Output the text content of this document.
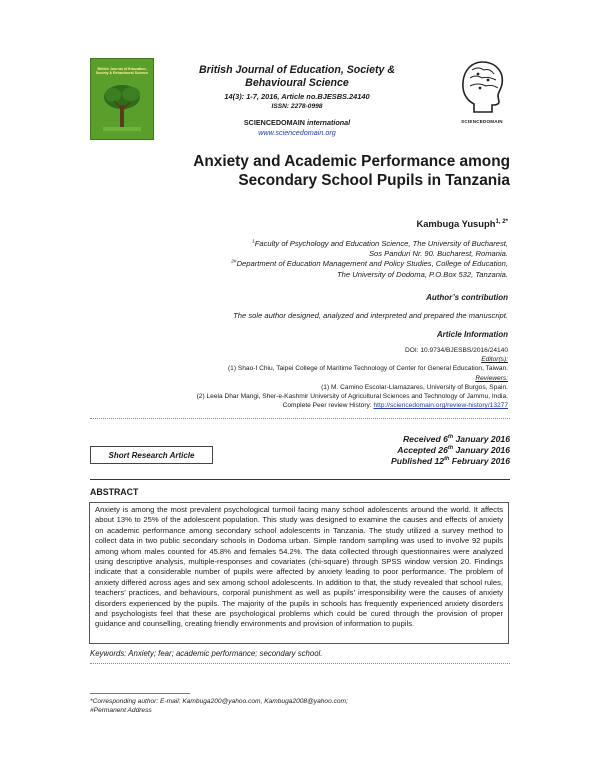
British Journal of Education, Society & Behavioural Science	British Journal of Education, Society &
Behavioural Science
14(3): 1-7, 2016, Article no.BJESBS.24140
ISSN: 2278-0998
SCIENCEDOMAIN international
www.sciencedomain.org
SCIENCEDOMAIN
Anxiety and Academic Performance among
Secondary School Pupils in Tanzania
Kambuga Yusuph$^{1, 2*}$
$^1$Faculty of Psychology and Education Science, The University of Bucharest,
Sos Panduri Nr. 90. Bucharest, Romania.
$^{2\#}$Department of Education Management and Policy Studies, College of Education,
The University of Dodoma, P.O.Box 532, Tanzania.
Author’s contribution
The sole author designed, analyzed and interpreted and prepared the manuscript.
Article Information
DOI: 10.9734/BJESBS/2016/24140
Editor(s):
(1) Shao-I Chiu, Taipei College of Maritime Technology of Center for General Education, Taiwan.
Reviewers:
(1) M. Camino Escolar-Llamazares, University of Burgos, Spain.
(2) Leela Dhar Mangi, Sher-e-Kashmir University of Agricultural Sciences and Technology of Jammu, India.
Complete Peer review History: http://sciencedomain.org/review-history/13277
Received 6th January 2016
Accepted 26th January 2016
Published 12th February 2016
Short Research Article
ABSTRACT

Anxiety is among the most prevalent psychological turmoil facing many school adolescents around the world. It affects about 13% to 25% of the adolescent population. This study was designed to examine the causes and effects of anxiety on academic performance among secondary school adolescents in Tanzania. The study utilized a survey method to collect data in two public secondary schools in Dodoma urban. Simple random sampling was used to involve 92 pupils among whom males counted for 45.8% and females 54.2%. The data collected through questionnaires were analyzed using descriptive analysis, multiple-responses and covariates (chi-square) through SPSS window version 20. Findings indicate that a considerable number of pupils were affected by anxiety leading to poor performance. The problem of anxiety differed across ages and sex among school adolescents. In addition to that, the study revealed that school rules, teachers’ practices, and behaviours, corporal punishment as well as pupils’ irresponsibility were the causes of anxiety disorders experienced by the pupils. The majority of the pupils in schools has frequently experienced anxiety disorders and psychologists feel that these are psychological problems which could be cured through the provision of proper guidance and counselling, creating friendly environments and provision of information to pupils.

Keywords: Anxiety; fear; academic performance; secondary school.
*Corresponding author: E-mail: Kambuga200@yahoo.com, Kambuga2008@yahoo.com;
#Permanent Address
